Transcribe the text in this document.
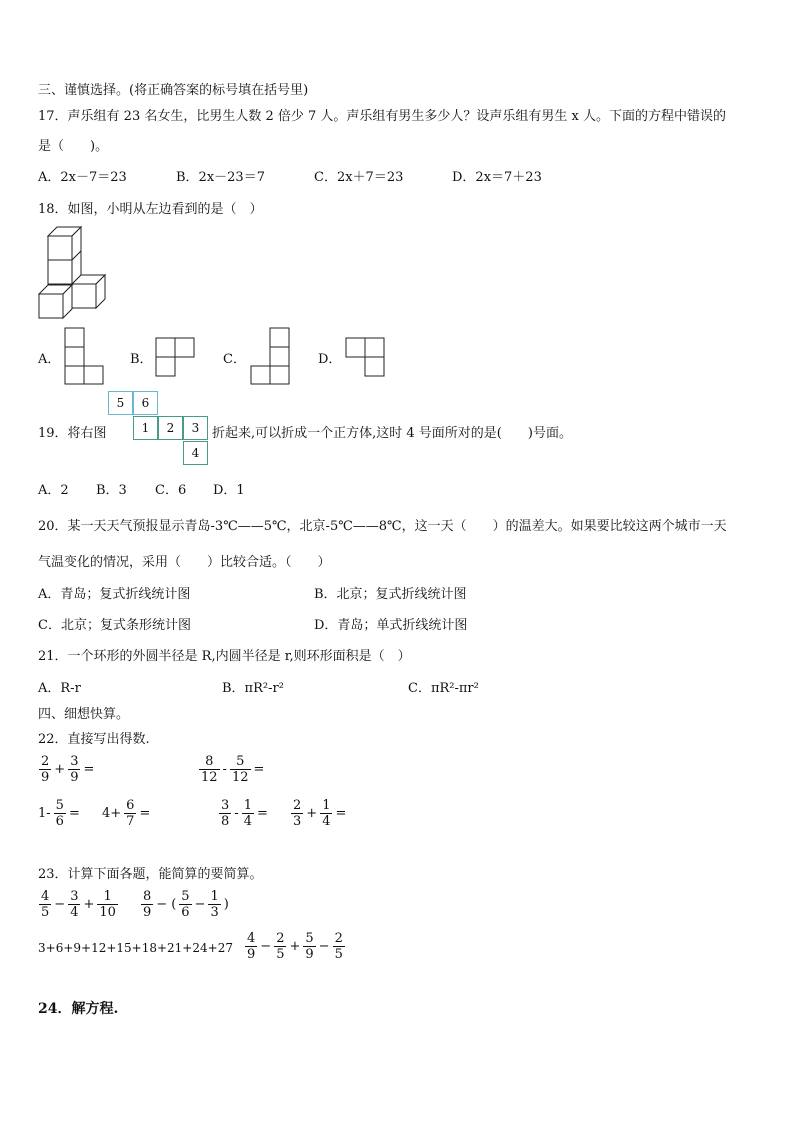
三、谨慎选择。(将正确答案的标号填在括号里)
17．声乐组有 23 名女生，比男生人数 2 倍少 7 人。声乐组有男生多少人？设声乐组有男生 x 人。下面的方程中错误的
是（　　)。
A．2x－7＝23	B．2x－23＝7	C．2x＋7＝23	D．2x＝7＋23
18．如图，小明从左边看到的是（　）
A．	B．	C．	D．
19．将右图
5	6
1	2	3
4
折起来,可以折成一个正方体,这时 4 号面所对的是(　　)号面。
A．2 B．3 C．6 D．1
20．某一天天气预报显示青岛-3℃——5℃，北京-5℃——8℃，这一天（　　）的温差大。如果要比较这两个城市一天
气温变化的情况，采用（　　）比较合适。（　　）
A．青岛；复式折线统计图	B．北京；复式折线统计图
C．北京；复式条形统计图	D．青岛；单式折线统计图
21．一个环形的外圆半径是 R,内圆半径是 r,则环形面积是（　）
A．R-r	B．πR²-r²	C．πR²-πr²
四、细想快算。
22．直接写出得数.
$\frac{2}{9} + \frac{3}{9}$ =	$\frac{8}{12} - \frac{5}{12}$ =
$1- \frac{5}{6} = 4+ \frac{6}{7}$ =	$\frac{3}{8} - \frac{1}{4} = \frac{2}{3} + \frac{1}{4}$ =
23．计算下面各题，能简算的要简算。
$\frac{4}{5} - \frac{3}{4} + \frac{1}{10} \frac{8}{9}$ − ( $\frac{5}{6} - \frac{1}{3}$ )
$3+6+9+12+15+18+21+24+27 \frac{4}{9} - \frac{2}{5} + \frac{5}{9} - \frac{2}{5}$
24．解方程.
